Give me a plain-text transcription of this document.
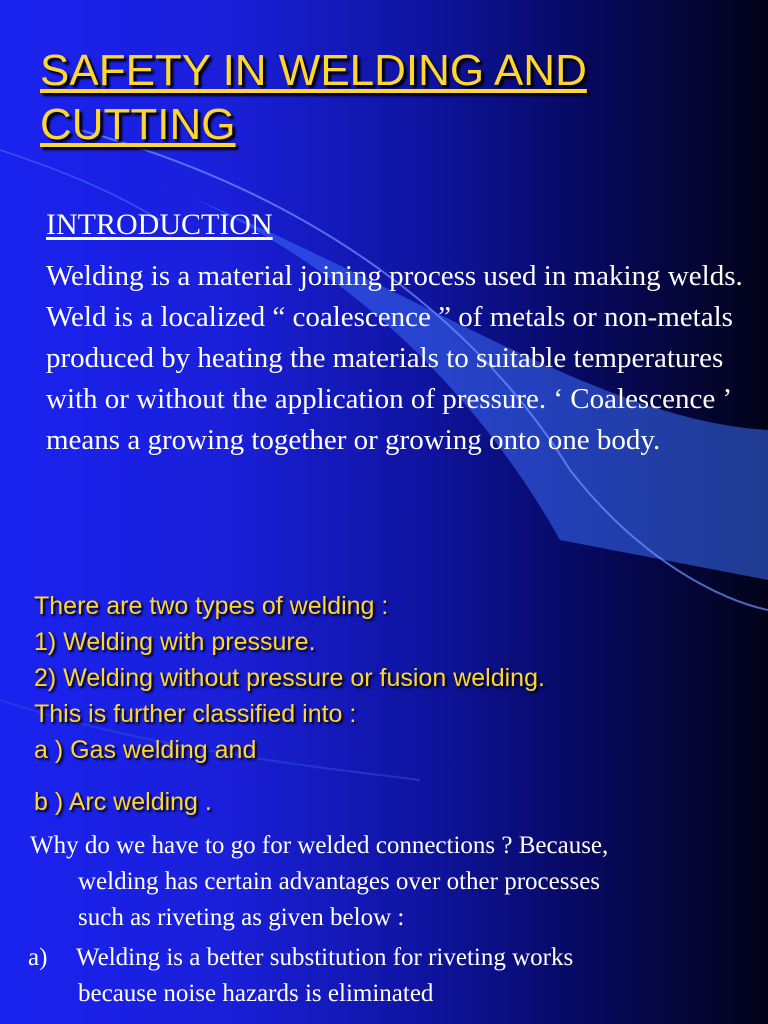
SAFETY IN WELDING AND CUTTING
INTRODUCTION

Welding is a material joining process used in making welds. Weld is a localized “ coalescence ” of metals or non-metals produced by heating the materials to suitable temperatures with or without the application of pressure. ‘ Coalescence ’ means a growing together or growing onto one body.

There are two types of welding :
1) Welding with pressure.
2) Welding without pressure or fusion welding.
This is further classified into :
a ) Gas welding and
b ) Arc welding .

Why do we have to go for welded connections ? Because,
welding has certain advantages over other processes
such as riveting as given below :

a) Welding is a better substitution for riveting works
because noise hazards is eliminated
